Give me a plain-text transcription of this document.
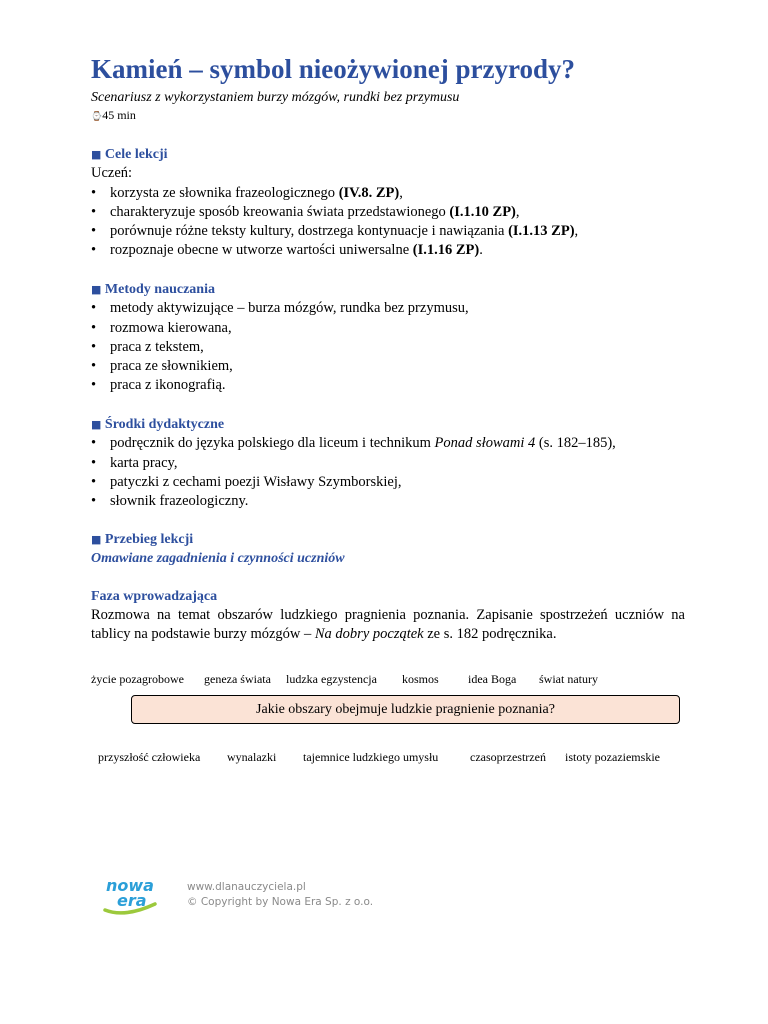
Kamień – symbol nieożywionej przyrody?
Scenariusz z wykorzystaniem burzy mózgów, rundki bez przymusu
⌚45 min
■ Cele lekcji
Uczeń:
• korzysta ze słownika frazeologicznego (IV.8. ZP),
• charakteryzuje sposób kreowania świata przedstawionego (I.1.10 ZP),
• porównuje różne teksty kultury, dostrzega kontynuacje i nawiązania (I.1.13 ZP),
• rozpoznaje obecne w utworze wartości uniwersalne (I.1.16 ZP).
■ Metody nauczania
• metody aktywizujące – burza mózgów, rundka bez przymusu,
• rozmowa kierowana,
• praca z tekstem,
• praca ze słownikiem,
• praca z ikonografią.
■ Środki dydaktyczne
• podręcznik do języka polskiego dla liceum i technikum Ponad słowami 4 (s. 182–185),
• karta pracy,
• patyczki z cechami poezji Wisławy Szymborskiej,
• słownik frazeologiczny.
■ Przebieg lekcji
Omawiane zagadnienia i czynności uczniów
Faza wprowadzająca
Rozmowa na temat obszarów ludzkiego pragnienia poznania. Zapisanie spostrzeżeń uczniów na tablicy na podstawie burzy mózgów – Na dobry początek ze s. 182 podręcznika.
życie pozagrobowe geneza świata ludzka egzystencja kosmos idea Boga świat natury
Jakie obszary obejmuje ludzkie pragnienie poznania?
przyszłość człowieka wynalazki tajemnice ludzkiego umysłu	czasoprzestrzeń istoty pozaziemskie
nowa
era
www.dlanauczyciela.pl
© Copyright by Nowa Era Sp. z o.o.
